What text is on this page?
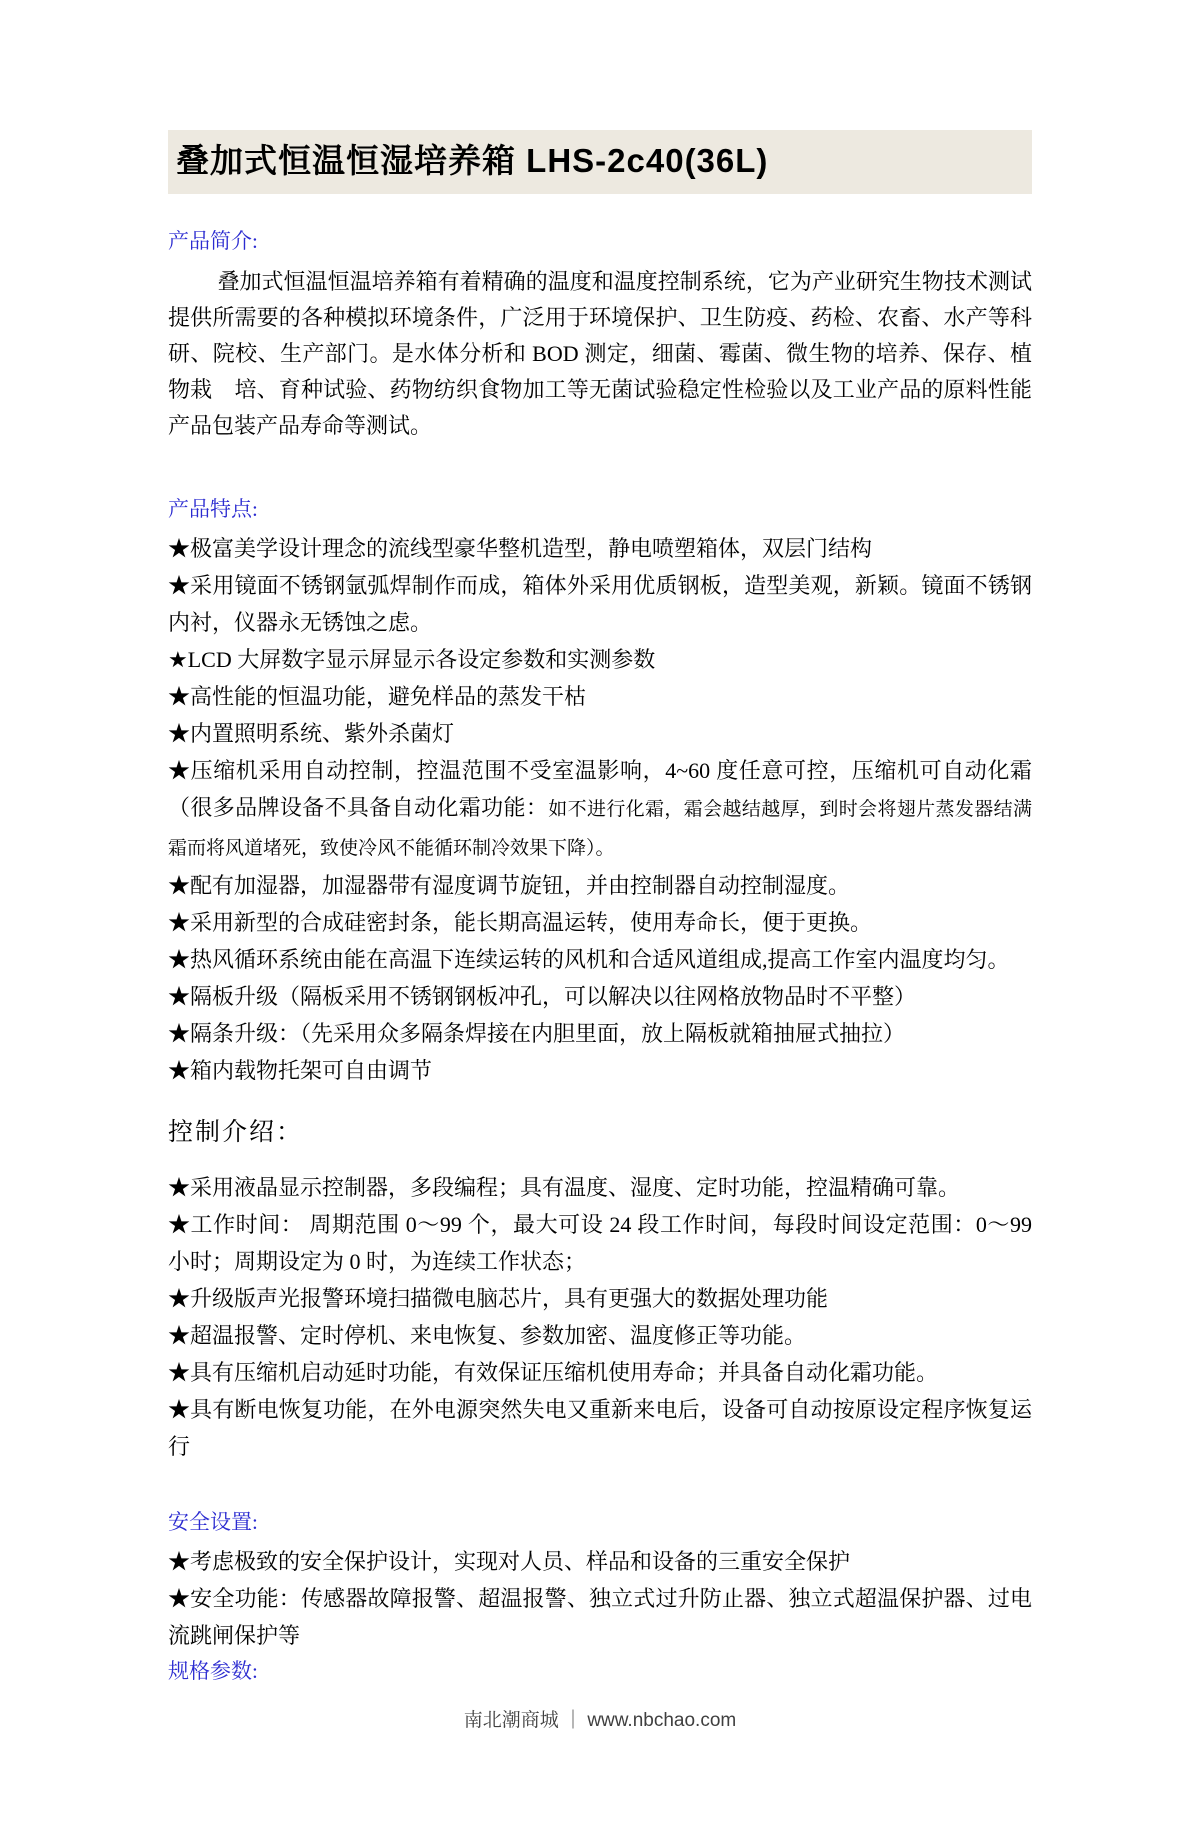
叠加式恒温恒湿培养箱 LHS-2c40(36L)
产品简介:

叠加式恒温恒温培养箱有着精确的温度和温度控制系统，它为产业研究生物技术测试提供所需要的各种模拟环境条件，广泛用于环境保护、卫生防疫、药检、农畜、水产等科研、院校、生产部门。是水体分析和 BOD 测定，细菌、霉菌、微生物的培养、保存、植物栽　培、育种试验、药物纺织食物加工等无菌试验稳定性检验以及工业产品的原料性能产品包装产品寿命等测试。

产品特点:
★极富美学设计理念的流线型豪华整机造型，静电喷塑箱体，双层门结构
★采用镜面不锈钢氩弧焊制作而成，箱体外采用优质钢板，造型美观，新颖。镜面不锈钢内衬，仪器永无锈蚀之虑。
★LCD 大屏数字显示屏显示各设定参数和实测参数
★高性能的恒温功能，避免样品的蒸发干枯
★内置照明系统、紫外杀菌灯
★压缩机采用自动控制，控温范围不受室温影响，4~60 度任意可控，压缩机可自动化霜（很多品牌设备不具备自动化霜功能：如不进行化霜，霜会越结越厚，到时会将翅片蒸发器结满霜而将风道堵死，致使冷风不能循环制冷效果下降）。
★配有加湿器，加湿器带有湿度调节旋钮，并由控制器自动控制湿度。
★采用新型的合成硅密封条，能长期高温运转，使用寿命长，便于更换。
★热风循环系统由能在高温下连续运转的风机和合适风道组成,提高工作室内温度均匀。
★隔板升级（隔板采用不锈钢钢板冲孔，可以解决以往网格放物品时不平整）
★隔条升级：（先采用众多隔条焊接在内胆里面，放上隔板就箱抽屉式抽拉）
★箱内载物托架可自由调节
控制介绍：
★采用液晶显示控制器，多段编程；具有温度、湿度、定时功能，控温精确可靠。
★工作时间： 周期范围 0～99 个，最大可设 24 段工作时间，每段时间设定范围：0～99 小时；周期设定为 0 时，为连续工作状态；
★升级版声光报警环境扫描微电脑芯片，具有更强大的数据处理功能
★超温报警、定时停机、来电恢复、参数加密、温度修正等功能。
★具有压缩机启动延时功能，有效保证压缩机使用寿命；并具备自动化霜功能。
★具有断电恢复功能，在外电源突然失电又重新来电后，设备可自动按原设定程序恢复运行
安全设置:
★考虑极致的安全保护设计，实现对人员、样品和设备的三重安全保护
★安全功能：传感器故障报警、超温报警、独立式过升防止器、独立式超温保护器、过电流跳闸保护等
规格参数:
南北潮商城 ｜ www.nbchao.com
